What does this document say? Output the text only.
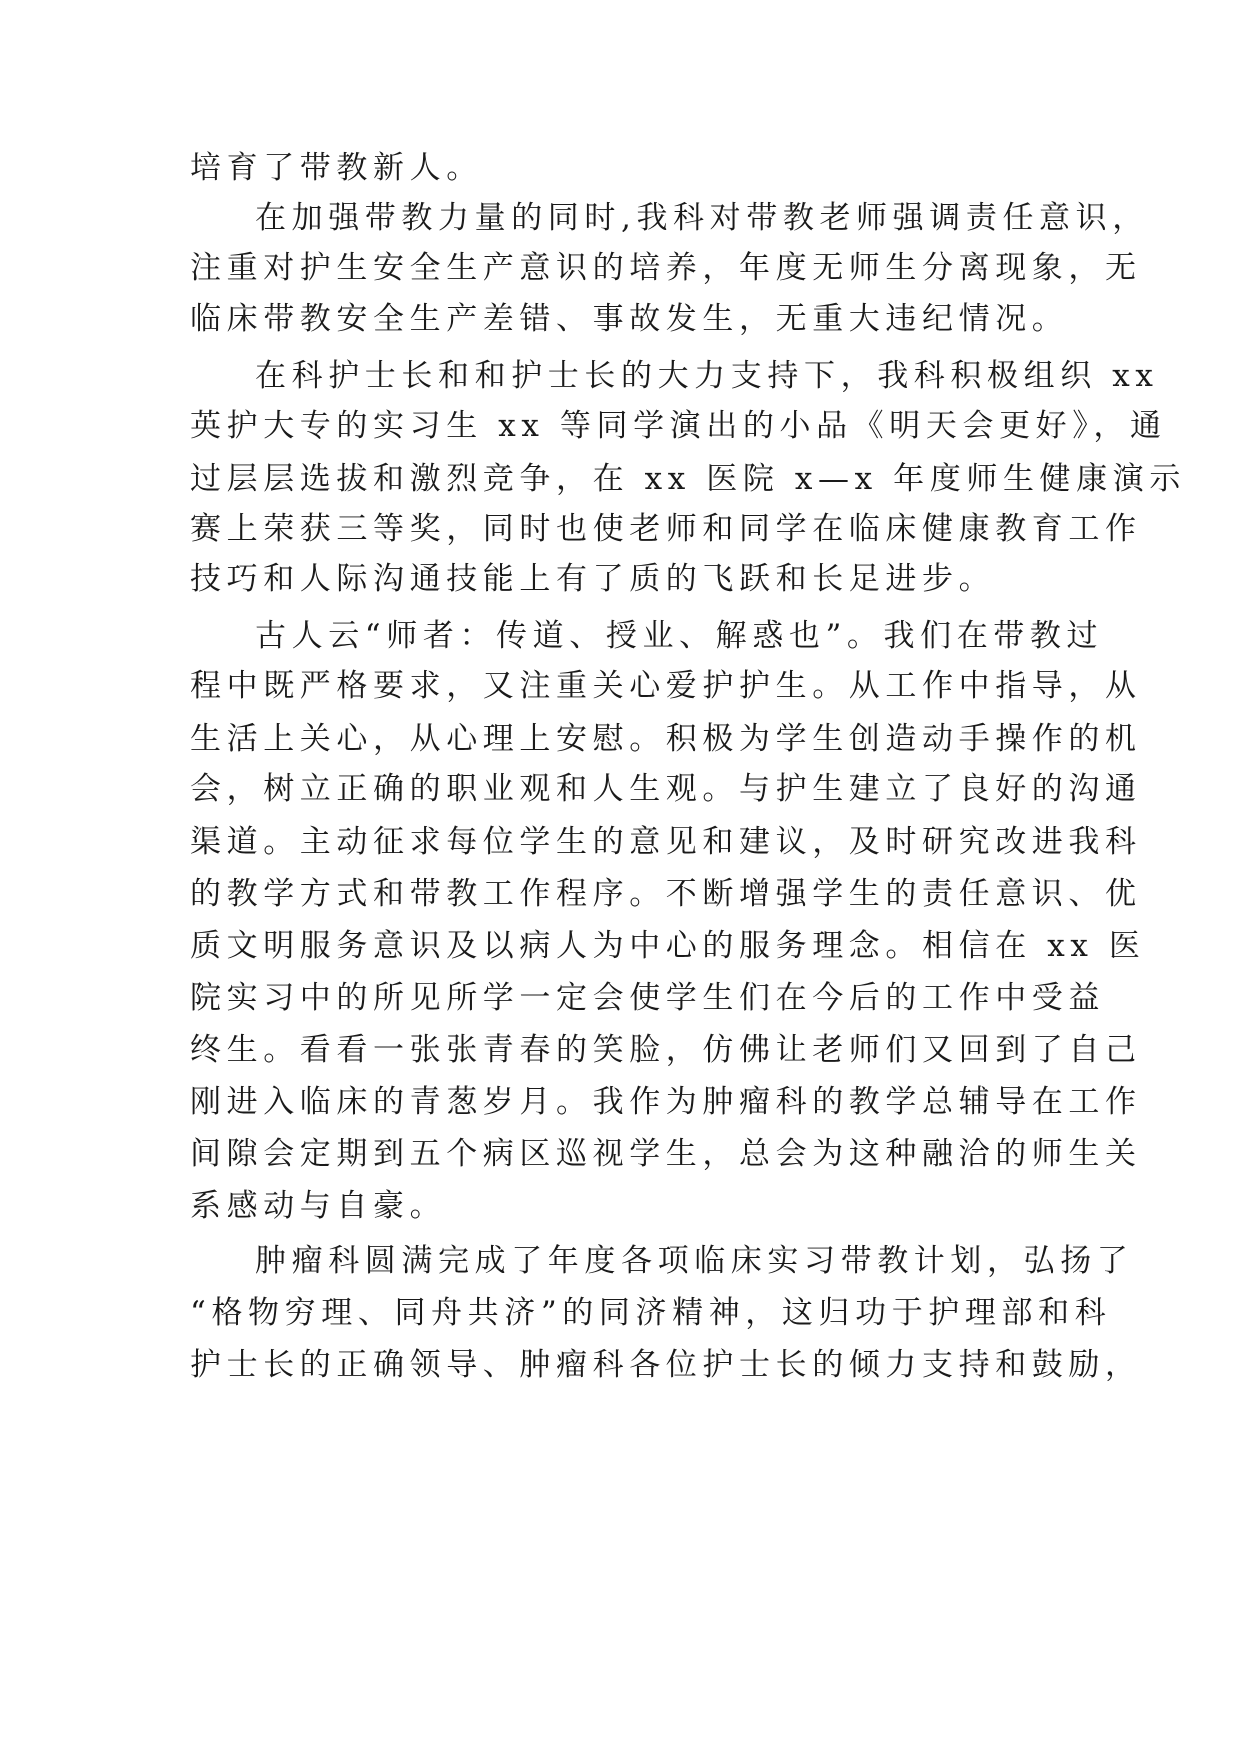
培育了带教新人。
在加强带教力量的同时,我科对带教老师强调责任意识，
注重对护生安全生产意识的培养，年度无师生分离现象，无
临床带教安全生产差错、事故发生，无重大违纪情况。
在科护士长和和护士长的大力支持下，我科积极组织 xx
英护大专的实习生 xx 等同学演出的小品《明天会更好》，通
过层层选拔和激烈竞争，在 xx 医院 x—x 年度师生健康演示
赛上荣获三等奖，同时也使老师和同学在临床健康教育工作
技巧和人际沟通技能上有了质的飞跃和长足进步。
古人云“师者：传道、授业、解惑也”。我们在带教过
程中既严格要求，又注重关心爱护护生。从工作中指导，从
生活上关心，从心理上安慰。积极为学生创造动手操作的机
会，树立正确的职业观和人生观。与护生建立了良好的沟通
渠道。主动征求每位学生的意见和建议，及时研究改进我科
的教学方式和带教工作程序。不断增强学生的责任意识、优
质文明服务意识及以病人为中心的服务理念。相信在 xx 医
院实习中的所见所学一定会使学生们在今后的工作中受益
终生。看看一张张青春的笑脸，仿佛让老师们又回到了自己
刚进入临床的青葱岁月。我作为肿瘤科的教学总辅导在工作
间隙会定期到五个病区巡视学生，总会为这种融洽的师生关
系感动与自豪。
肿瘤科圆满完成了年度各项临床实习带教计划，弘扬了
“格物穷理、同舟共济”的同济精神，这归功于护理部和科
护士长的正确领导、肿瘤科各位护士长的倾力支持和鼓励，
